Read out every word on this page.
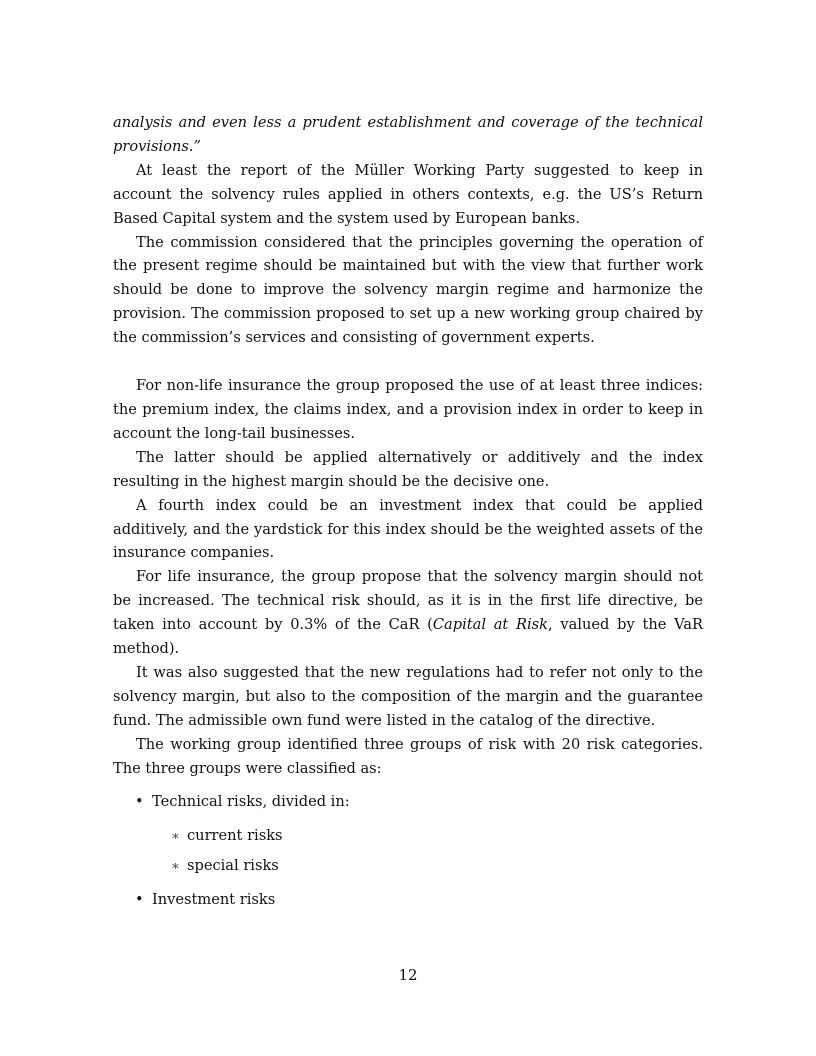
analysis and even less a prudent establishment and coverage of the technical provisions.”

At least the report of the Müller Working Party suggested to keep in account the solvency rules applied in others contexts, e.g. the US’s Return Based Capital system and the system used by European banks.

The commission considered that the principles governing the operation of the present regime should be maintained but with the view that further work should be done to improve the solvency margin regime and harmonize the provision. The commission proposed to set up a new working group chaired by the commission’s services and consisting of government experts.

For non-life insurance the group proposed the use of at least three indices: the premium index, the claims index, and a provision index in order to keep in account the long-tail businesses.

The latter should be applied alternatively or additively and the index resulting in the highest margin should be the decisive one.

A fourth index could be an investment index that could be applied additively, and the yardstick for this index should be the weighted assets of the insurance companies.

For life insurance, the group propose that the solvency margin should not be increased. The technical risk should, as it is in the first life directive, be taken into account by 0.3% of the CaR (Capital at Risk, valued by the VaR method).

It was also suggested that the new regulations had to refer not only to the solvency margin, but also to the composition of the margin and the guarantee fund. The admissible own fund were listed in the catalog of the directive.

The working group identified three groups of risk with 20 risk categories. The three groups were classified as:

• Technical risks, divided in:
∗ current risks
∗ special risks
• Investment risks
12
